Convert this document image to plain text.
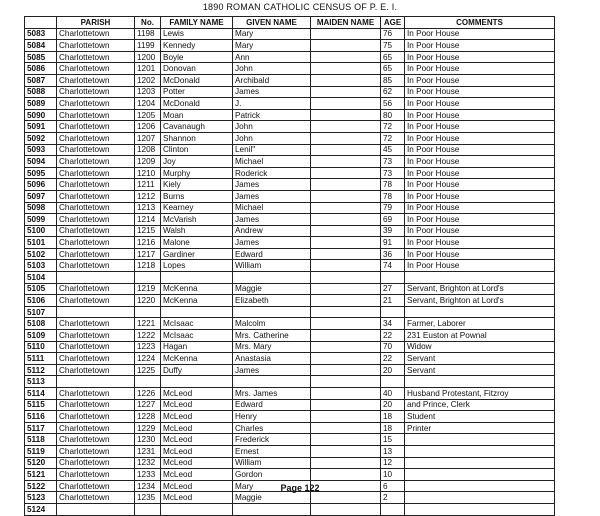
1890 ROMAN CATHOLIC CENSUS OF P. E. I.
	PARISH	No.	FAMILY NAME	GIVEN NAME	MAIDEN NAME	AGE	COMMENTS
5083	Charlottetown	1198	Lewis	Mary		76	In Poor House
5084	Charlottetown	1199	Kennedy	Mary		75	In Poor House
5085	Charlottetown	1200	Boyle	Ann		65	In Poor House
5086	Charlottetown	1201	Donovan	John		65	In Poor House
5087	Charlottetown	1202	McDonald	Archibald		85	In Poor House
5088	Charlottetown	1203	Potter	James		62	In Poor House
5089	Charlottetown	1204	McDonald	J.		56	In Poor House
5090	Charlottetown	1205	Moan	Patrick		80	In Poor House
5091	Charlottetown	1206	Cavanaugh	John		72	In Poor House
5092	Charlottetown	1207	Shannon	John		72	In Poor House
5093	Charlottetown	1208	Clinton	Lenil"		45	In Poor House
5094	Charlottetown	1209	Joy	Michael		73	In Poor House
5095	Charlottetown	1210	Murphy	Roderick		73	In Poor House
5096	Charlottetown	1211	Kiely	James		78	In Poor House
5097	Charlottetown	1212	Burns	James		78	In Poor House
5098	Charlottetown	1213	Kearney	Michael		79	In Poor House
5099	Charlottetown	1214	McVarish	James		69	In Poor House
5100	Charlottetown	1215	Walsh	Andrew		39	In Poor House
5101	Charlottetown	1216	Malone	James		91	In Poor House
5102	Charlottetown	1217	Gardiner	Edward		36	In Poor House
5103	Charlottetown	1218	Lopes	William		74	In Poor House
5104							
5105	Charlottetown	1219	McKenna	Maggie		27	Servant, Brighton at Lord's
5106	Charlottetown	1220	McKenna	Elizabeth		21	Servant, Brighton at Lord's
5107							
5108	Charlottetown	1221	McIsaac	Malcolm		34	Farmer, Laborer
5109	Charlottetown	1222	McIsaac	Mrs. Catherine		22	231 Euston at Pownal
5110	Charlottetown	1223	Hagan	Mrs. Mary		70	Widow
5111	Charlottetown	1224	McKenna	Anastasia		22	Servant
5112	Charlottetown	1225	Duffy	James		20	Servant
5113							
5114	Charlottetown	1226	McLeod	Mrs. James		40	Husband Protestant, Fitzroy
5115	Charlottetown	1227	McLeod	Edward		20	and Prince, Clerk
5116	Charlottetown	1228	McLeod	Henry		18	Student
5117	Charlottetown	1229	McLeod	Charles		18	Printer
5118	Charlottetown	1230	McLeod	Frederick		15	
5119	Charlottetown	1231	McLeod	Ernest		13	
5120	Charlottetown	1232	McLeod	William		12	
5121	Charlottetown	1233	McLeod	Gordon		10	
5122	Charlottetown	1234	McLeod	Mary		6	
5123	Charlottetown	1235	McLeod	Maggie		2	
5124							
Page 122
